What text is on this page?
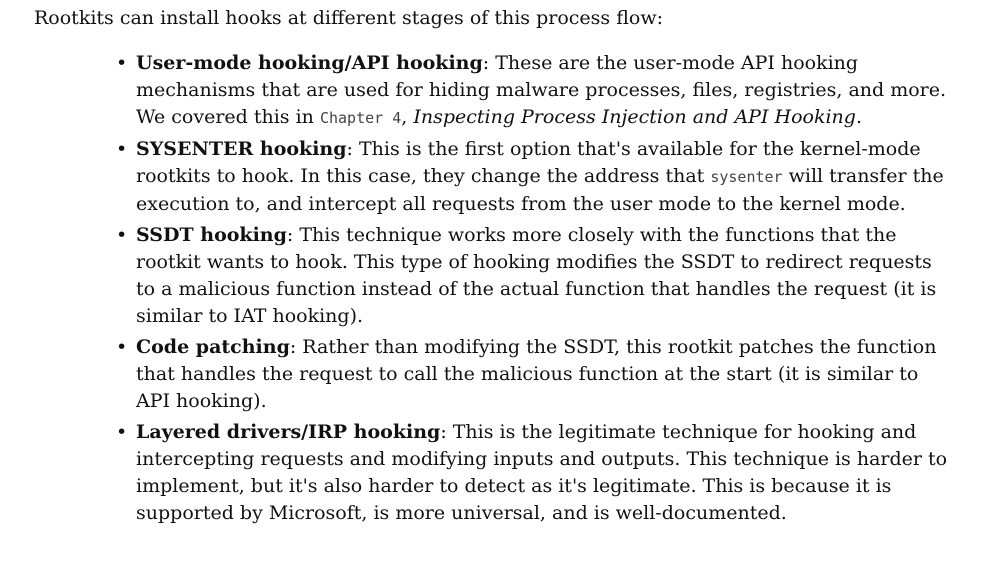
Rootkits can install hooks at different stages of this process flow:
• User-mode hooking/API hooking: These are the user-mode API hooking mechanisms that are used for hiding malware processes, files, registries, and more. We covered this in Chapter 4, Inspecting Process Injection and API Hooking.
• SYSENTER hooking: This is the first option that's available for the kernel-mode rootkits to hook. In this case, they change the address that sysenter will transfer the execution to, and intercept all requests from the user mode to the kernel mode.
• SSDT hooking: This technique works more closely with the functions that the rootkit wants to hook. This type of hooking modifies the SSDT to redirect requests to a malicious function instead of the actual function that handles the request (it is similar to IAT hooking).
• Code patching: Rather than modifying the SSDT, this rootkit patches the function that handles the request to call the malicious function at the start (it is similar to API hooking).
• Layered drivers/IRP hooking: This is the legitimate technique for hooking and intercepting requests and modifying inputs and outputs. This technique is harder to implement, but it's also harder to detect as it's legitimate. This is because it is supported by Microsoft, is more universal, and is well-documented.
